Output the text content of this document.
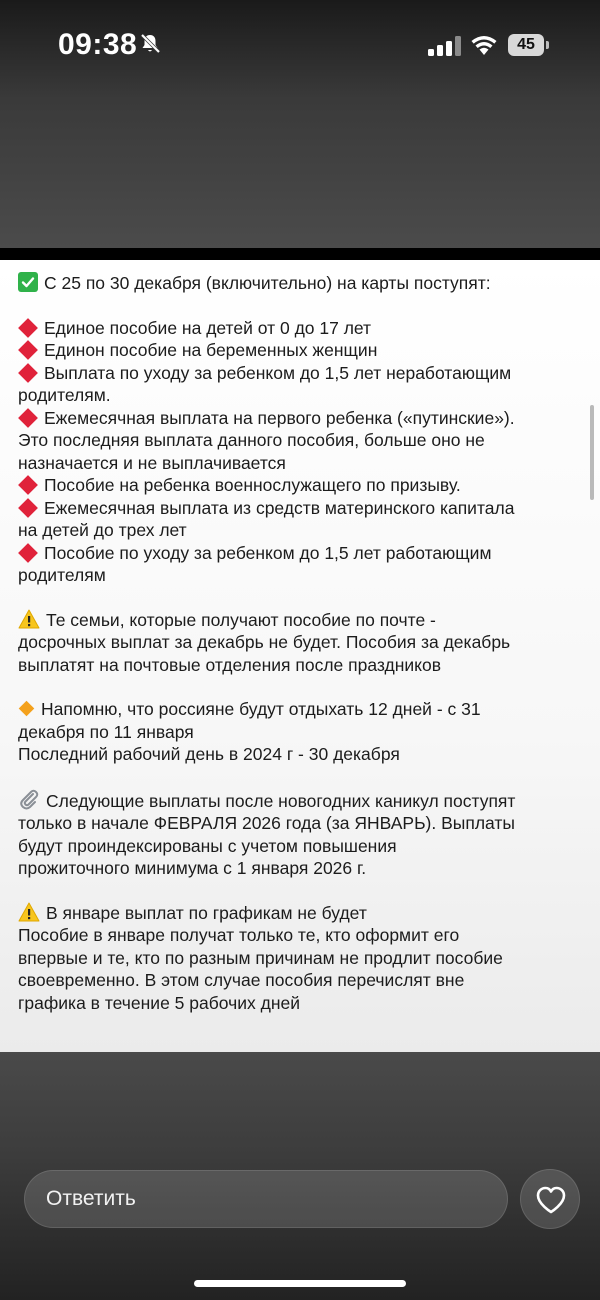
09:38	45

С 25 по 30 декабря (включительно) на карты поступят:

Единое пособие на детей от 0 до 17 лет

Единон пособие на беременных женщин

Выплата по уходу за ребенком до 1,5 лет неработающим
родителям.

Ежемесячная выплата на первого ребенка («путинские»).
Это последняя выплата данного пособия, больше оно не
назначается и не выплачивается

Пособие на ребенка военнослужащего по призыву.

Ежемесячная выплата из средств материнского капитала
на детей до трех лет

Пособие по уходу за ребенком до 1,5 лет работающим
родителям

Те семьи, которые получают пособие по почте -
досрочных выплат за декабрь не будет. Пособия за декабрь
выплатят на почтовые отделения после праздников

Напомню, что россияне будут отдыхать 12 дней - с 31
декабря по 11 января
Последний рабочий день в 2024 г - 30 декабря

Следующие выплаты после новогодних каникул поступят
только в начале ФЕВРАЛЯ 2026 года (за ЯНВАРЬ). Выплаты
будут проиндексированы с учетом повышения
прожиточного минимума с 1 января 2026 г.

В январе выплат по графикам не будет
Пособие в январе получат только те, кто оформит его
впервые и те, кто по разным причинам не продлит пособие
своевременно. В этом случае пособия перечислят вне
графика в течение 5 рабочих дней

Ответить
